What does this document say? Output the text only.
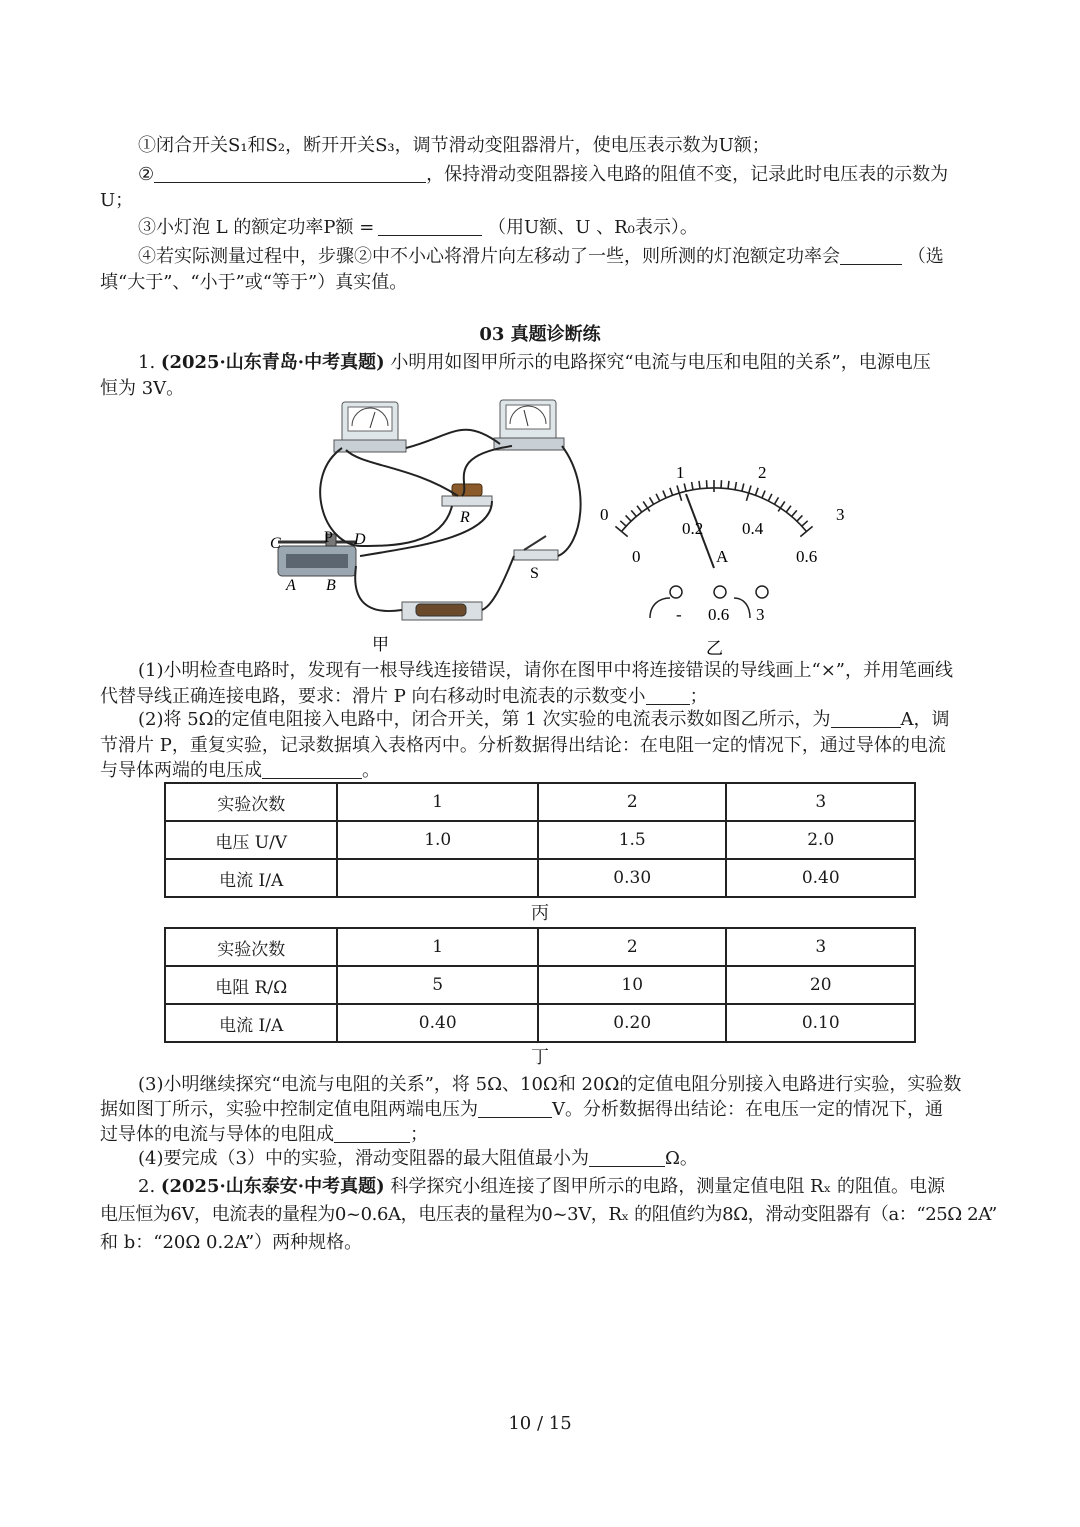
①闭合开关S₁和S₂，断开开关S₃，调节滑动变阻器滑片，使电压表示数为U额；
②	，保持滑动变阻器接入电路的阻值不变，记录此时电压表的示数为
U；
③小灯泡 L 的额定功率P额 =	（用U额、U 、R₀表示）。
④若实际测量过程中，步骤②中不小心将滑片向左移动了一些，则所测的灯泡额定功率会	（选
填“大于”、“小于”或“等于”）真实值。
03 真题诊断练
1. (2025·山东青岛·中考真题) 小明用如图甲所示的电路探究“电流与电压和电阻的关系”，电源电压
恒为 3V。
C	P D
A B
R
S
甲
0
1	2
3
0
0.2 0.4
0.6
A
- 0.6 3
乙
(1)小明检查电路时，发现有一根导线连接错误，请你在图甲中将连接错误的导线画上“×”，并用笔画线
代替导线正确连接电路，要求：滑片 P 向右移动时电流表的示数变小 ；
(2)将 5Ω的定值电阻接入电路中，闭合开关，第 1 次实验的电流表示数如图乙所示，为	A，调
节滑片 P，重复实验，记录数据填入表格丙中。分析数据得出结论：在电阻一定的情况下，通过导体的电流
与导体两端的电压成	。
实验次数	1	2	3
电压 U/V	1.0	1.5	2.0
电流 I/A		0.30	0.40
丙
实验次数	1	2	3
电阻 R/Ω	5	10	20
电流 I/A	0.40	0.20	0.10
丁
(3)小明继续探究“电流与电阻的关系”，将 5Ω、10Ω和 20Ω的定值电阻分别接入电路进行实验，实验数
据如图丁所示，实验中控制定值电阻两端电压为	V。分析数据得出结论：在电压一定的情况下，通
过导体的电流与导体的电阻成	；
(4)要完成（3）中的实验，滑动变阻器的最大阻值最小为	Ω。
2. (2025·山东泰安·中考真题) 科学探究小组连接了图甲所示的电路，测量定值电阻 Rₓ 的阻值。电源
电压恒为6V，电流表的量程为0~0.6A，电压表的量程为0~3V，Rₓ 的阻值约为8Ω，滑动变阻器有（a：“25Ω 2A”
和 b：“20Ω 0.2A”）两种规格。
10 / 15
